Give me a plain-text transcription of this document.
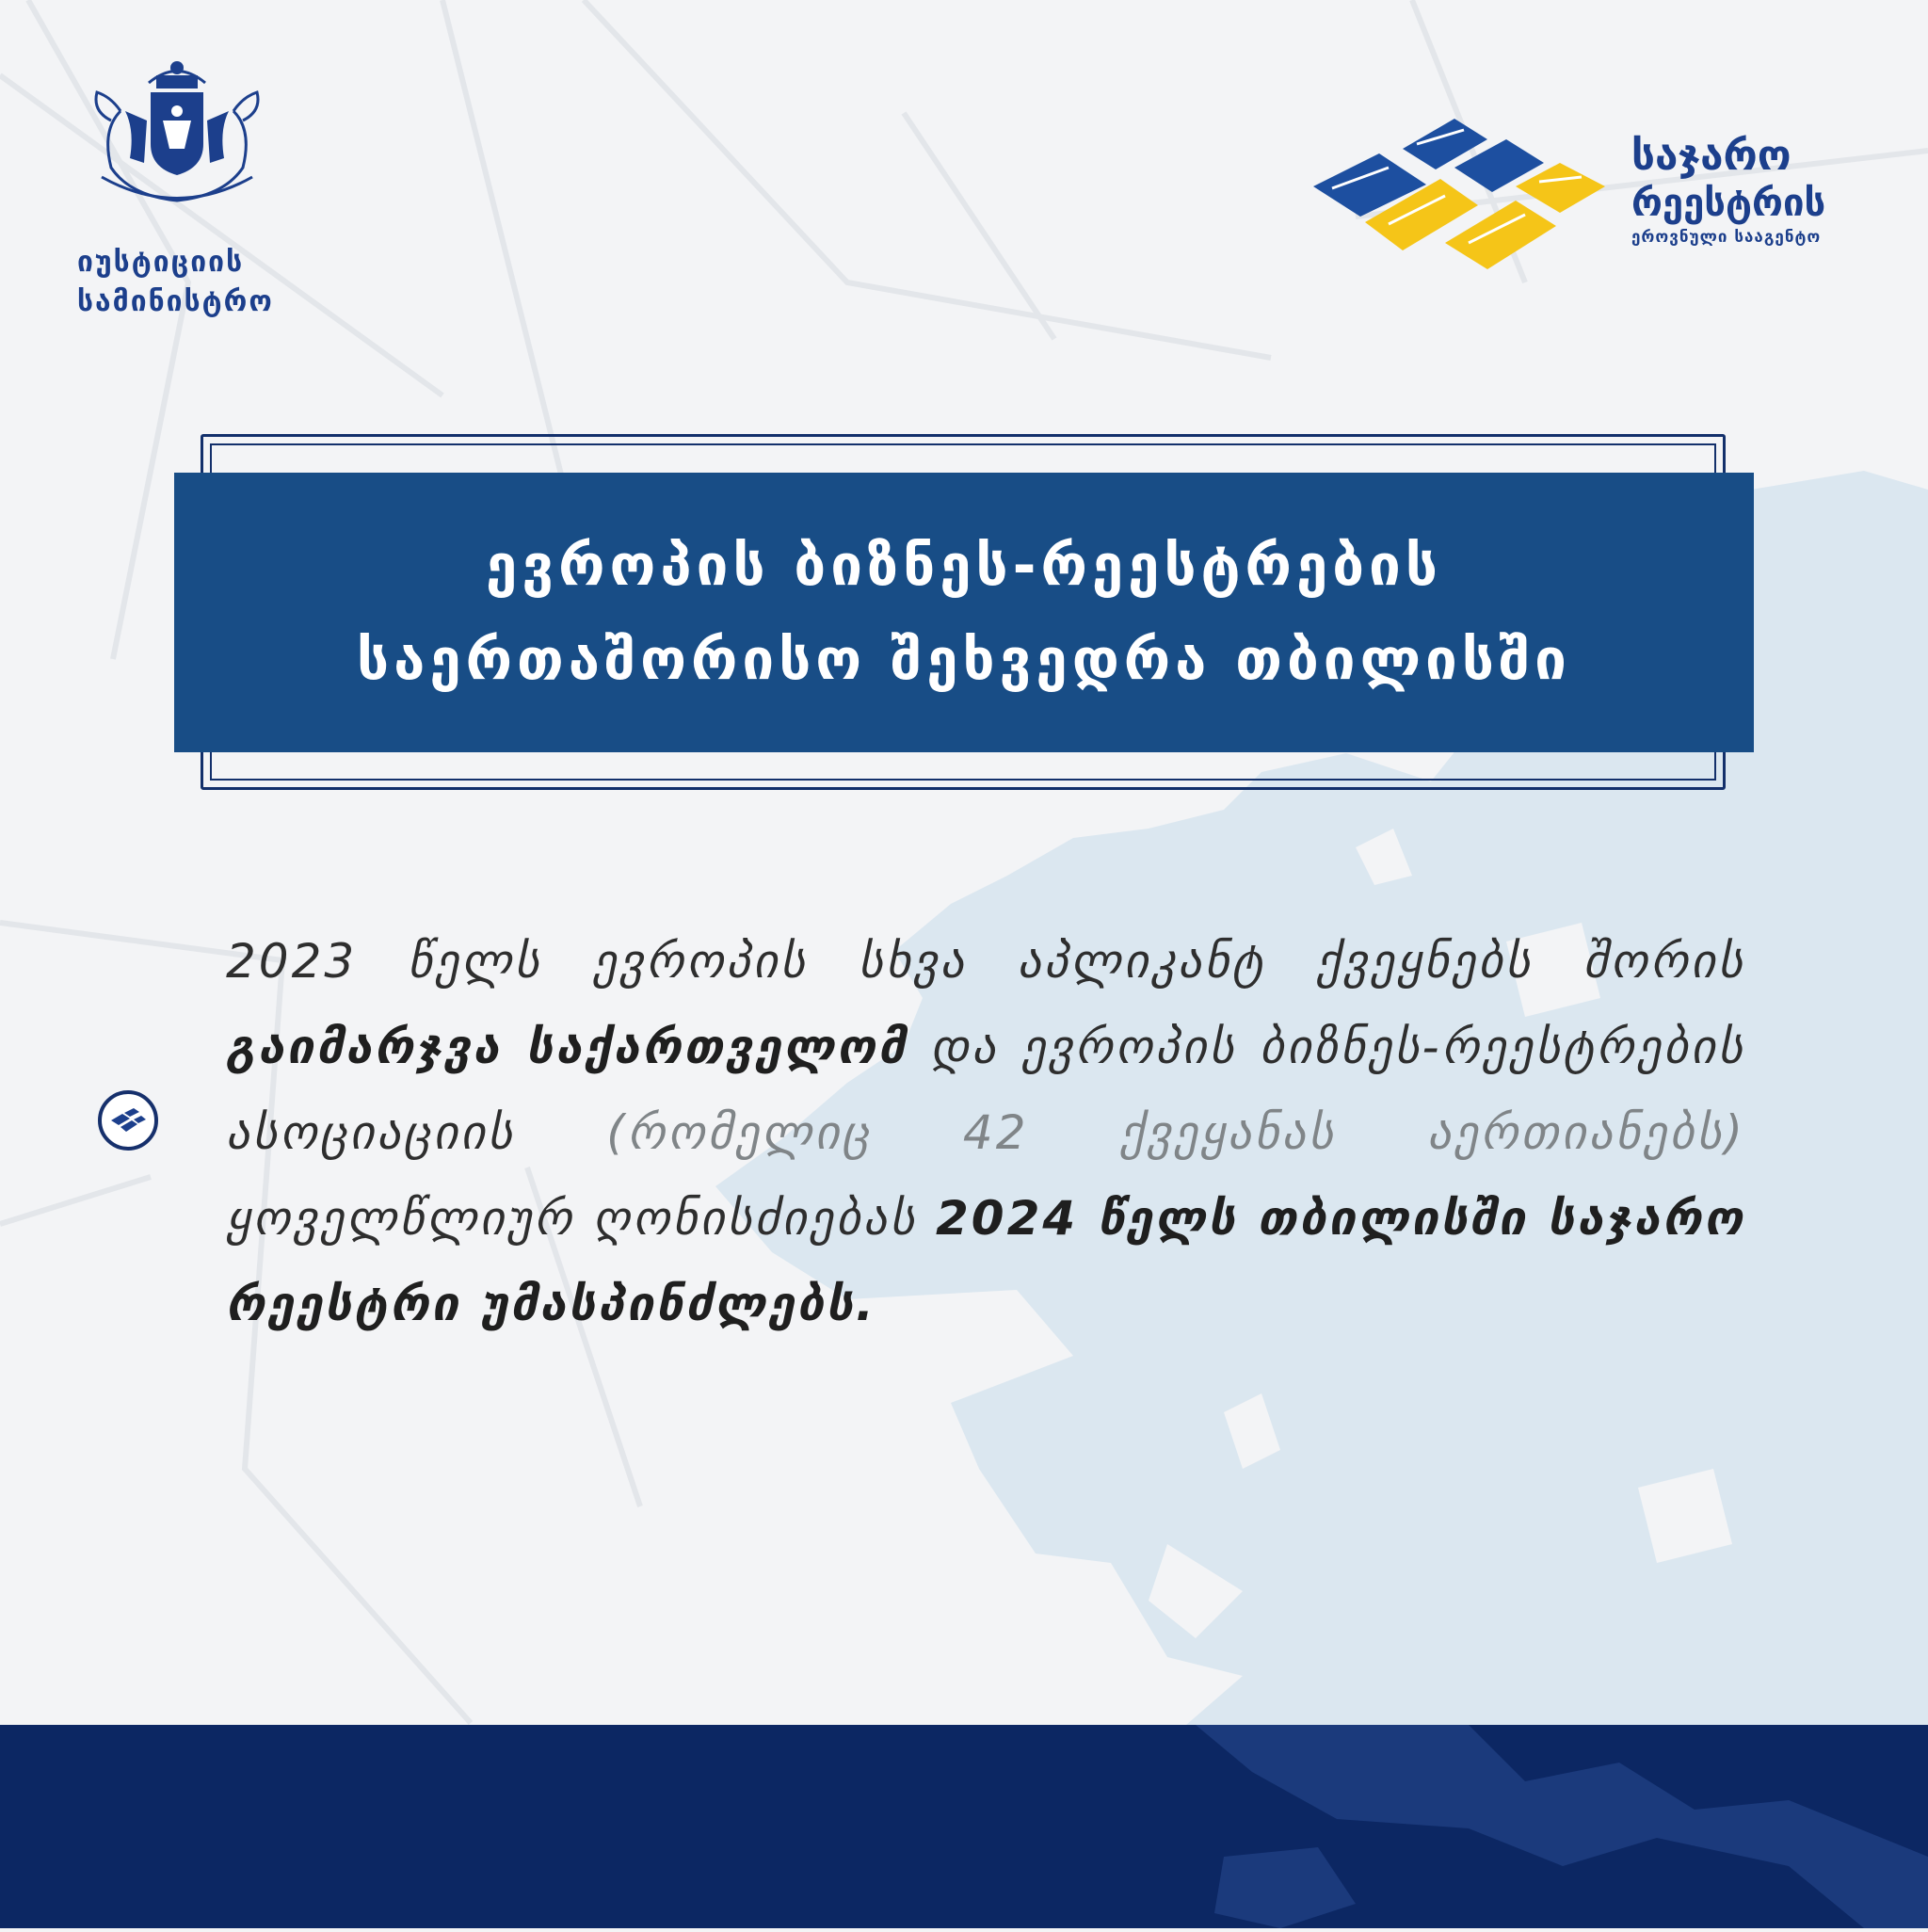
იუსტიციის
სამინისტრო
საჯარო
რეესტრის
ეროვნული სააგენტო
ევროპის ბიზნეს-რეესტრების
საერთაშორისო შეხვედრა თბილისში
2023 წელს ევროპის სხვა აპლიკანტ ქვეყნებს შორის გაიმარჯვა საქართველომ და ევროპის ბიზნეს-რეესტრების ასოციაციის (რომელიც 42 ქვეყანას აერთიანებს) ყოველწლიურ ღონისძიებას 2024 წელს თბილისში საჯარო რეესტრი უმასპინძლებს.
